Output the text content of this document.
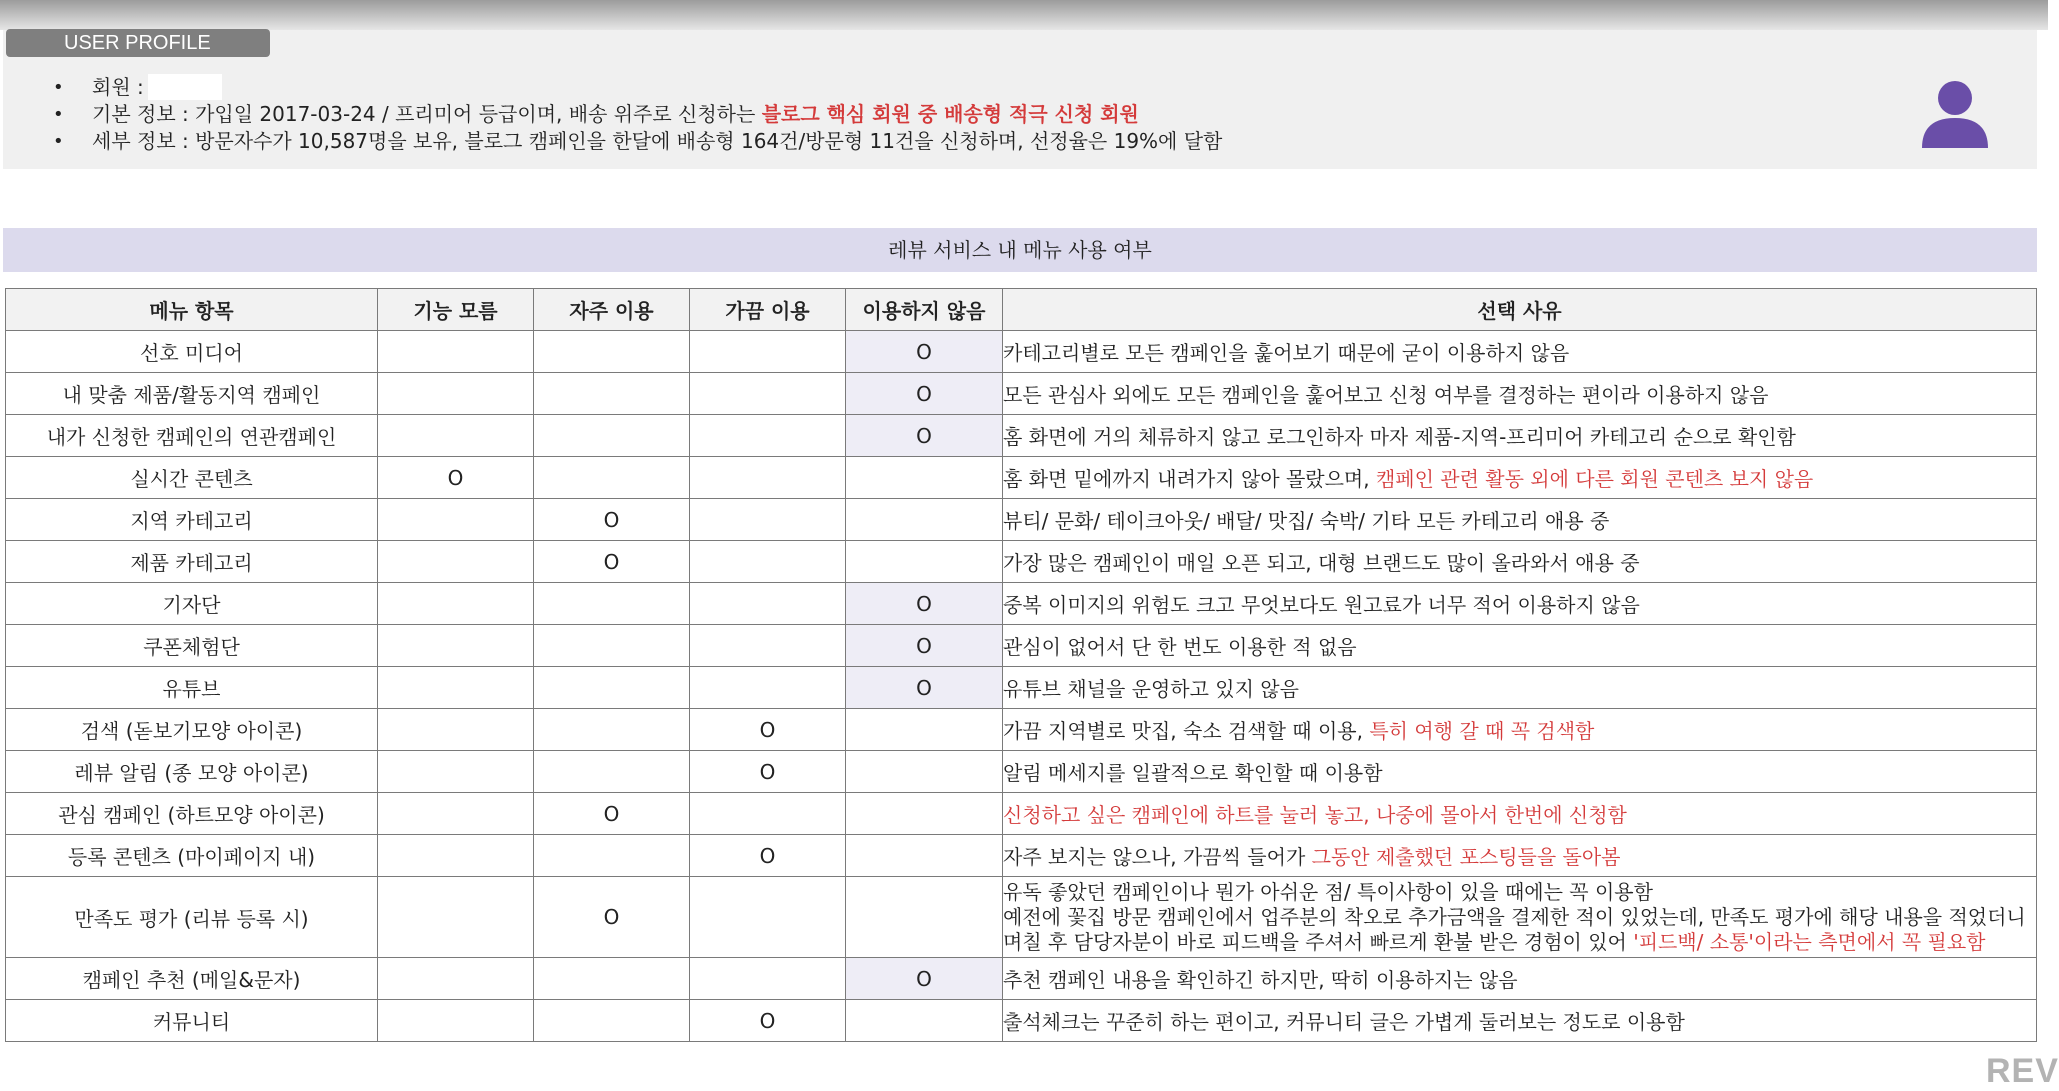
USER PROFILE
• 회원 :
• 기본 정보 : 가입일 2017-03-24 / 프리미어 등급이며, 배송 위주로 신청하는 블로그 핵심 회원 중 배송형 적극 신청 회원
• 세부 정보 : 방문자수가 10,587명을 보유, 블로그 캠페인을 한달에 배송형 164건/방문형 11건을 신청하며, 선정율은 19%에 달함
레뷰 서비스 내 메뉴 사용 여부
메뉴 항목	기능 모름	자주 이용	가끔 이용	이용하지 않음	선택 사유
선호 미디어				O	카테고리별로 모든 캠페인을 훑어보기 때문에 굳이 이용하지 않음
내 맞춤 제품/활동지역 캠페인				O	모든 관심사 외에도 모든 캠페인을 훑어보고 신청 여부를 결정하는 편이라 이용하지 않음
내가 신청한 캠페인의 연관캠페인				O	홈 화면에 거의 체류하지 않고 로그인하자 마자 제품-지역-프리미어 카테고리 순으로 확인함
실시간 콘텐츠	O				홈 화면 밑에까지 내려가지 않아 몰랐으며, 캠페인 관련 활동 외에 다른 회원 콘텐츠 보지 않음
지역 카테고리		O			뷰티/ 문화/ 테이크아웃/ 배달/ 맛집/ 숙박/ 기타 모든 카테고리 애용 중
제품 카테고리		O			가장 많은 캠페인이 매일 오픈 되고, 대형 브랜드도 많이 올라와서 애용 중
기자단				O	중복 이미지의 위험도 크고 무엇보다도 원고료가 너무 적어 이용하지 않음
쿠폰체험단				O	관심이 없어서 단 한 번도 이용한 적 없음
유튜브				O	유튜브 채널을 운영하고 있지 않음
검색 (돋보기모양 아이콘)			O		가끔 지역별로 맛집, 숙소 검색할 때 이용, 특히 여행 갈 때 꼭 검색함
레뷰 알림 (종 모양 아이콘)			O		알림 메세지를 일괄적으로 확인할 때 이용함
관심 캠페인 (하트모양 아이콘)		O			신청하고 싶은 캠페인에 하트를 눌러 놓고, 나중에 몰아서 한번에 신청함
등록 콘텐츠 (마이페이지 내)			O		자주 보지는 않으나, 가끔씩 들어가 그동안 제출했던 포스팅들을 돌아봄
만족도 평가 (리뷰 등록 시)		O			유독 좋았던 캠페인이나 뭔가 아쉬운 점/ 특이사항이 있을 때에는 꼭 이용함
예전에 꽃집 방문 캠페인에서 업주분의 착오로 추가금액을 결제한 적이 있었는데, 만족도 평가에 해당 내용을 적었더니
며칠 후 담당자분이 바로 피드백을 주셔서 빠르게 환불 받은 경험이 있어 '피드백/ 소통'이라는 측면에서 꼭 필요함

캠페인 추천 (메일&문자)				O	추천 캠페인 내용을 확인하긴 하지만, 딱히 이용하지는 않음
커뮤니티			O		출석체크는 꾸준히 하는 편이고, 커뮤니티 글은 가볍게 둘러보는 정도로 이용함
REV
